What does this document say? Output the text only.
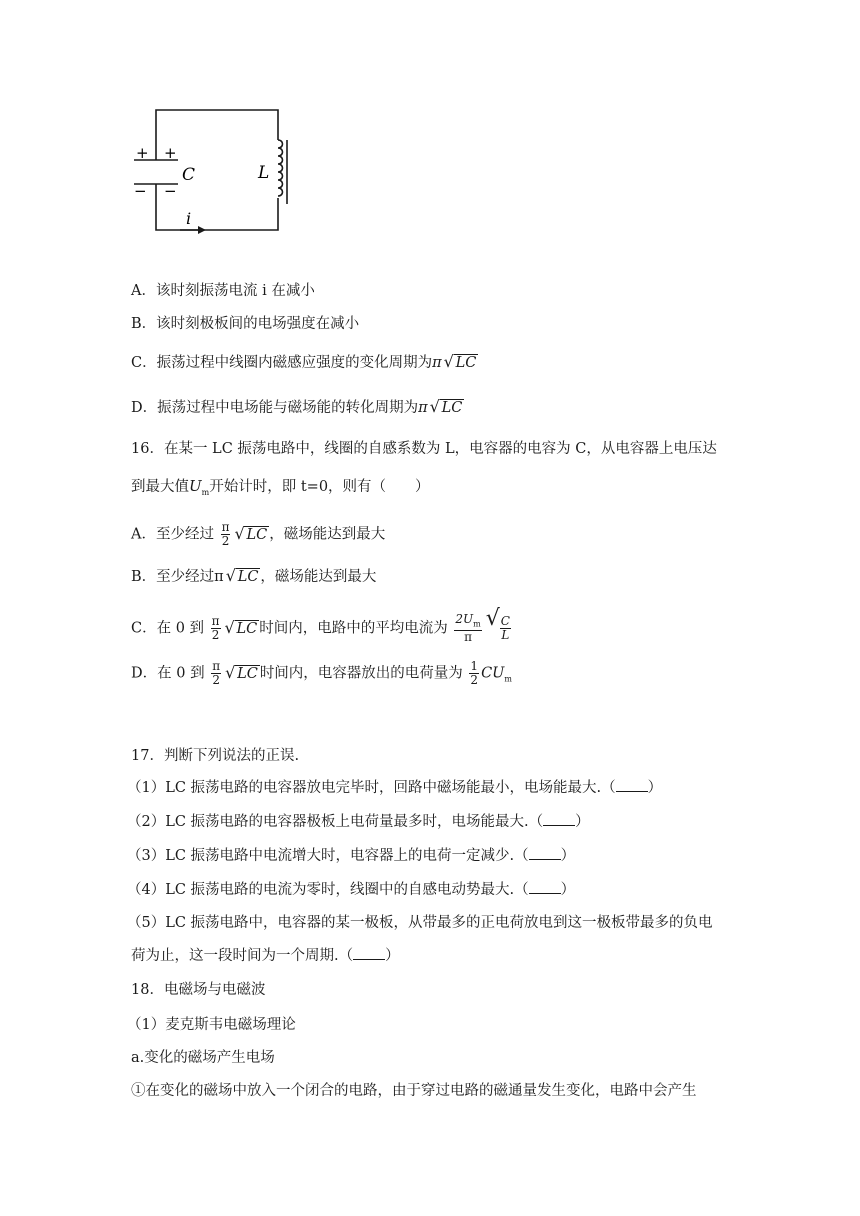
+ +
− −
C	L
i
A．该时刻振荡电流 i 在减小
B．该时刻极板间的电场强度在减小
C．振荡过程中线圈内磁感应强度的变化周期为π √ LC
D．振荡过程中电场能与磁场能的转化周期为π √ LC
16．在某一 LC 振荡电路中，线圈的自感系数为 L，电容器的电容为 C，从电容器上电压达
到最大值$U_m$开始计时，即 t=0，则有（　　）
A．至少经过 $\frac{\pi}{2}$ √ LC ，磁场能达到最大
B．至少经过π √ LC ，磁场能达到最大
C．在 0 到 $\frac{\pi}{2}$ √ LC 时间内，电路中的平均电流为 $\frac{2U_m}{\pi}$ √ $\frac{C}{L}$
D．在 0 到 $\frac{\pi}{2}$ √ LC 时间内，电容器放出的电荷量为 $\frac{1}{2} CU_m$
17．判断下列说法的正误.
（1）LC 振荡电路的电容器放电完毕时，回路中磁场能最小，电场能最大.（ ）
（2）LC 振荡电路的电容器极板上电荷量最多时，电场能最大.（ ）
（3）LC 振荡电路中电流增大时，电容器上的电荷一定减少.（ ）
（4）LC 振荡电路的电流为零时，线圈中的自感电动势最大.（ ）
（5）LC 振荡电路中，电容器的某一极板，从带最多的正电荷放电到这一极板带最多的负电
荷为止，这一段时间为一个周期.（ ）
18．电磁场与电磁波
（1）麦克斯韦电磁场理论
a.变化的磁场产生电场
①在变化的磁场中放入一个闭合的电路，由于穿过电路的磁通量发生变化，电路中会产生
